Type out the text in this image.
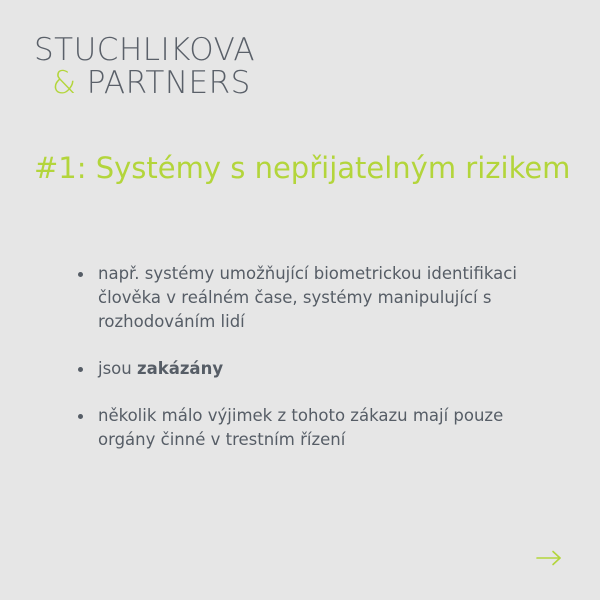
STUCHLIKOVA
& PARTNERS
#1: Systémy s nepřijatelným rizikem
např. systémy umožňující biometrickou identifikaci člověka v reálném čase, systémy manipulující s rozhodováním lidí
jsou zakázány
několik málo výjimek z tohoto zákazu mají pouze orgány činné v trestním řízení
